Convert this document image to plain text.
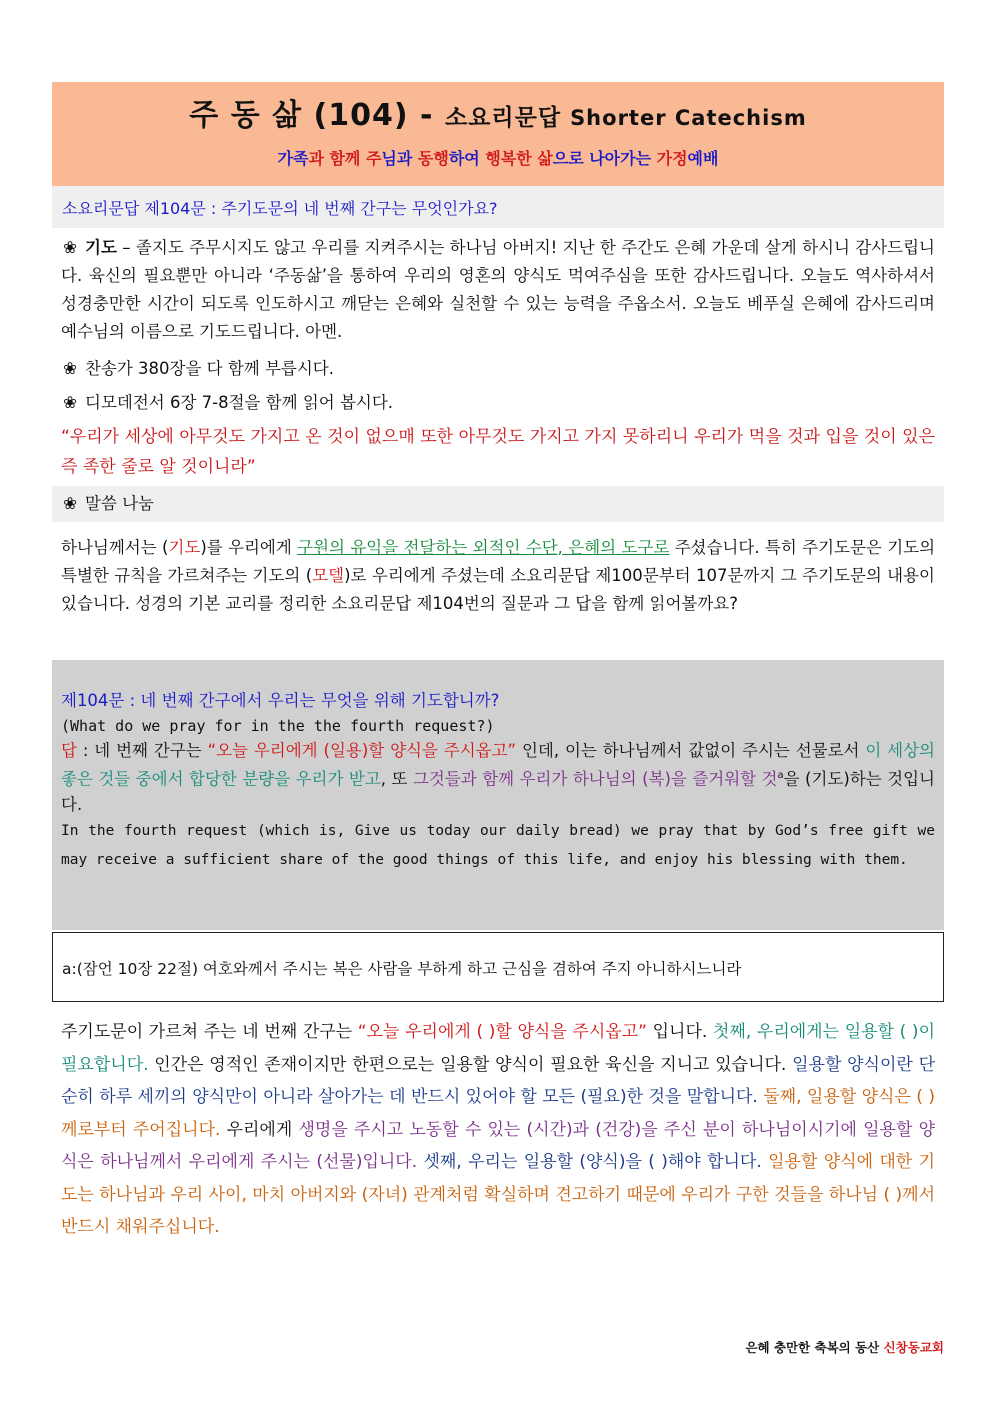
주 동 삶 (104) - 소요리문답 Shorter Catechism
가족과 함께 주님과 동행하여 행복한 삶으로 나아가는 가정예배
소요리문답 제104문 : 주기도문의 네 번째 간구는 무엇인가요?
❀ 기도 – 졸지도 주무시지도 않고 우리를 지켜주시는 하나님 아버지! 지난 한 주간도 은혜 가운데 살게 하시니 감사드립니다. 육신의 필요뿐만 아니라 ‘주동삶’을 통하여 우리의 영혼의 양식도 먹여주심을 또한 감사드립니다. 오늘도 역사하셔서 성경충만한 시간이 되도록 인도하시고 깨닫는 은혜와 실천할 수 있는 능력을 주옵소서. 오늘도 베푸실 은혜에 감사드리며 예수님의 이름으로 기도드립니다. 아멘.
❀ 찬송가 380장을 다 함께 부릅시다.
❀ 디모데전서 6장 7-8절을 함께 읽어 봅시다.
“우리가 세상에 아무것도 가지고 온 것이 없으매 또한 아무것도 가지고 가지 못하리니 우리가 먹을 것과 입을 것이 있은즉 족한 줄로 알 것이니라”
❀ 말씀 나눔
하나님께서는 (기도)를 우리에게 구원의 유익을 전달하는 외적인 수단, 은혜의 도구로 주셨습니다. 특히 주기도문은 기도의 특별한 규칙을 가르쳐주는 기도의 (모델)로 우리에게 주셨는데 소요리문답 제100문부터 107문까지 그 주기도문의 내용이 있습니다. 성경의 기본 교리를 정리한 소요리문답 제104번의 질문과 그 답을 함께 읽어볼까요?
제104문 : 네 번째 간구에서 우리는 무엇을 위해 기도합니까?
(What do we pray for in the the fourth request?)
답 : 네 번째 간구는 “오늘 우리에게 (일용)할 양식을 주시옵고” 인데, 이는 하나님께서 값없이 주시는 선물로서 이 세상의 좋은 것들 중에서 합당한 분량을 우리가 받고, 또 그것들과 함께 우리가 하나님의 (복)을 즐거워할 것$^a$을 (기도)하는 것입니다.
In the fourth request (which is, Give us today our daily bread) we pray that by God’s free gift we may receive a sufficient share of the good things of this life, and enjoy his blessing with them.
a:(잠언 10장 22절) 여호와께서 주시는 복은 사람을 부하게 하고 근심을 겸하여 주지 아니하시느니라
주기도문이 가르쳐 주는 네 번째 간구는 “오늘 우리에게 ( )할 양식을 주시옵고” 입니다. 첫째, 우리에게는 일용할 ( )이 필요합니다. 인간은 영적인 존재이지만 한편으로는 일용할 양식이 필요한 육신을 지니고 있습니다. 일용할 양식이란 단순히 하루 세끼의 양식만이 아니라 살아가는 데 반드시 있어야 할 모든 (필요)한 것을 말합니다. 둘째, 일용할 양식은 ( )께로부터 주어집니다. 우리에게 생명을 주시고 노동할 수 있는 (시간)과 (건강)을 주신 분이 하나님이시기에 일용할 양식은 하나님께서 우리에게 주시는 (선물)입니다. 셋째, 우리는 일용할 (양식)을 ( )해야 합니다. 일용할 양식에 대한 기도는 하나님과 우리 사이, 마치 아버지와 (자녀) 관계처럼 확실하며 견고하기 때문에 우리가 구한 것들을 하나님 ( )께서 반드시 채워주십니다.
은혜 충만한 축복의 동산 신창동교회
